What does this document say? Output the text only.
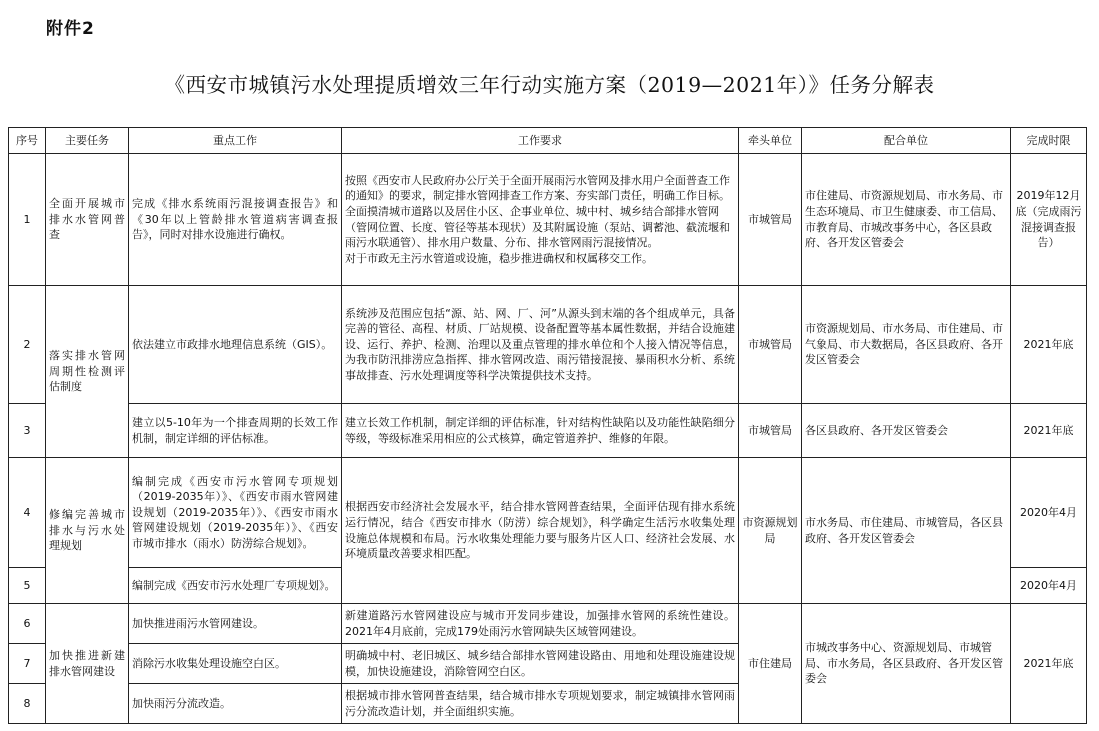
附件2
《西安市城镇污水处理提质增效三年行动实施方案（2019—2021年）》任务分解表
序号	主要任务	重点工作	工作要求	牵头单位	配合单位	完成时限
1	全面开展城市排水水管网普查	完成《排水系统雨污混接调查报告》和《30年以上管龄排水管道病害调查报告》，同时对排水设施进行确权。	按照《西安市人民政府办公厅关于全面开展雨污水管网及排水用户全面普查工作的通知》的要求，制定排水管网排查工作方案、夯实部门责任，明确工作目标。
全面摸清城市道路以及居住小区、企事业单位、城中村、城乡结合部排水管网（管网位置、长度、管径等基本现状）及其附属设施（泵站、调蓄池、截流堰和雨污水联通管）、排水用户数量、分布、排水管网雨污混接情况。
对于市政无主污水管道或设施，稳步推进确权和权属移交工作。	市城管局	市住建局、市资源规划局、市水务局、市生态环境局、市卫生健康委、市工信局、市教育局、市城改事务中心，各区县政府、各开发区管委会	2019年12月底（完成雨污混接调查报告）
2	落实排水管网周期性检测评估制度	依法建立市政排水地理信息系统（GIS）。	系统涉及范围应包括“源、站、网、厂、河”从源头到末端的各个组成单元，具备完善的管径、高程、材质、厂站规模、设备配置等基本属性数据，并结合设施建设、运行、养护、检测、治理以及重点管理的排水单位和个人接入情况等信息，为我市防汛排涝应急指挥、排水管网改造、雨污错接混接、暴雨积水分析、系统事故排查、污水处理调度等科学决策提供技术支持。	市城管局	市资源规划局、市水务局、市住建局、市气象局、市大数据局，各区县政府、各开发区管委会	2021年底
3		建立以5-10年为一个排查周期的长效工作机制，制定详细的评估标准。	建立长效工作机制，制定详细的评估标准，针对结构性缺陷以及功能性缺陷细分等级，等级标准采用相应的公式核算，确定管道养护、维修的年限。	市城管局	各区县政府、各开发区管委会	2021年底
4	修编完善城市排水与污水处理规划	编制完成《西安市污水管网专项规划（2019-2035年）》、《西安市雨水管网建设规划（2019-2035年）》、《西安市雨水管网建设规划（2019-2035年）》、《西安市城市排水（雨水）防涝综合规划》。	根据西安市经济社会发展水平，结合排水管网普查结果，全面评估现有排水系统运行情况，结合《西安市排水（防涝）综合规划》，科学确定生活污水收集处理设施总体规模和布局。污水收集处理能力要与服务片区人口、经济社会发展、水环境质量改善要求相匹配。	市资源规划局	市水务局、市住建局、市城管局，各区县政府、各开发区管委会	2020年4月
5		编制完成《西安市污水处理厂专项规划》。				2020年4月
6	加快推进新建排水管网建设	加快推进雨污水管网建设。	新建道路污水管网建设应与城市开发同步建设，加强排水管网的系统性建设。2021年4月底前，完成179处雨污水管网缺失区域管网建设。	市住建局	市城改事务中心、资源规划局、市城管局、市水务局，各区县政府、各开发区管委会	2021年底
7		消除污水收集处理设施空白区。	明确城中村、老旧城区、城乡结合部排水管网建设路由、用地和处理设施建设规模，加快设施建设，消除管网空白区。			
8		加快雨污分流改造。	根据城市排水管网普查结果，结合城市排水专项规划要求，制定城镇排水管网雨污分流改造计划，并全面组织实施。			
